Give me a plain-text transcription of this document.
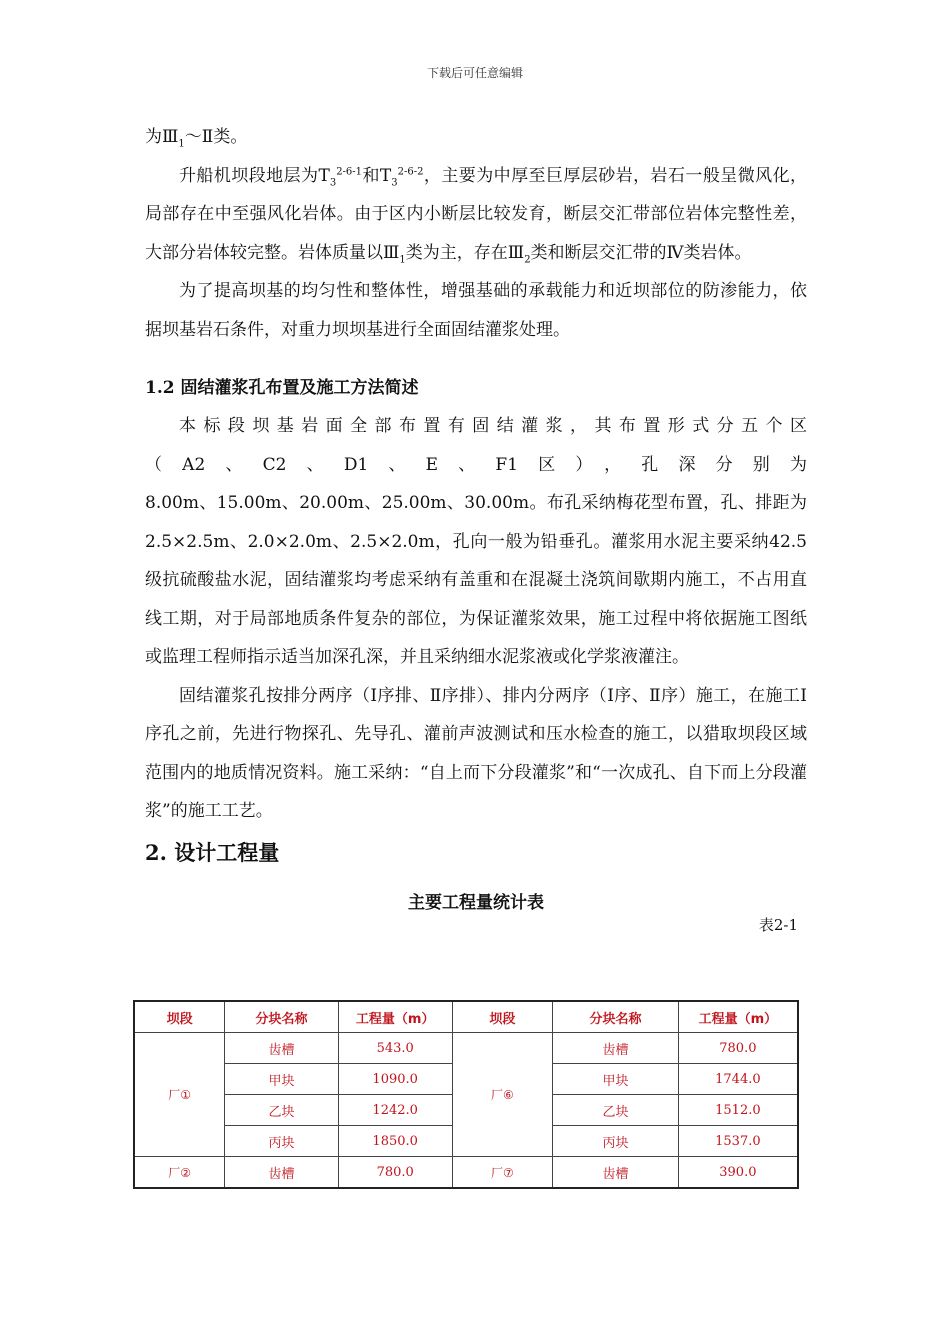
下载后可任意编辑

为$Ⅲ_1\sim Ⅱ$类。

升船机坝段地层为$T_3^{2-6-1}$和$T_3^{2-6-2}$，主要为中厚至巨厚层砂岩，岩石一般呈微风化，局部存在中至强风化岩体。由于区内小断层比较发育，断层交汇带部位岩体完整性差，大部分岩体较完整。岩体质量以$Ⅲ_1$类为主，存在$Ⅲ_2$类和断层交汇带的Ⅳ类岩体。

为了提高坝基的均匀性和整体性，增强基础的承载能力和近坝部位的防渗能力，依据坝基岩石条件，对重力坝坝基进行全面固结灌浆处理。

1.2 固结灌浆孔布置及施工方法简述

本标段坝基岩面全部布置有固结灌浆，其布置形式分五个区

（A2、C2、D1、E、F1区），孔深分别为

8.00m、15.00m、20.00m、25.00m、30.00m。布孔采纳梅花型布置，孔、排距为2.5×2.5m、2.0×2.0m、2.5×2.0m，孔向一般为铅垂孔。灌浆用水泥主要采纳42.5级抗硫酸盐水泥，固结灌浆均考虑采纳有盖重和在混凝土浇筑间歇期内施工，不占用直线工期，对于局部地质条件复杂的部位，为保证灌浆效果，施工过程中将依据施工图纸或监理工程师指示适当加深孔深，并且采纳细水泥浆液或化学浆液灌注。

固结灌浆孔按排分两序（Ⅰ序排、Ⅱ序排）、排内分两序（Ⅰ序、Ⅱ序）施工，在施工Ⅰ序孔之前，先进行物探孔、先导孔、灌前声波测试和压水检查的施工，以猎取坝段区域范围内的地质情况资料。施工采纳：“自上而下分段灌浆”和“一次成孔、自下而上分段灌浆”的施工工艺。

2. 设计工程量
主要工程量统计表
表2-1
坝段	分块名称	工程量（m）	坝段	分块名称	工程量（m）
厂①	齿槽	543.0	厂⑥	齿槽	780.0
	甲块	1090.0		甲块	1744.0
	乙块	1242.0		乙块	1512.0
	丙块	1850.0		丙块	1537.0
厂②	齿槽	780.0	厂⑦	齿槽	390.0
